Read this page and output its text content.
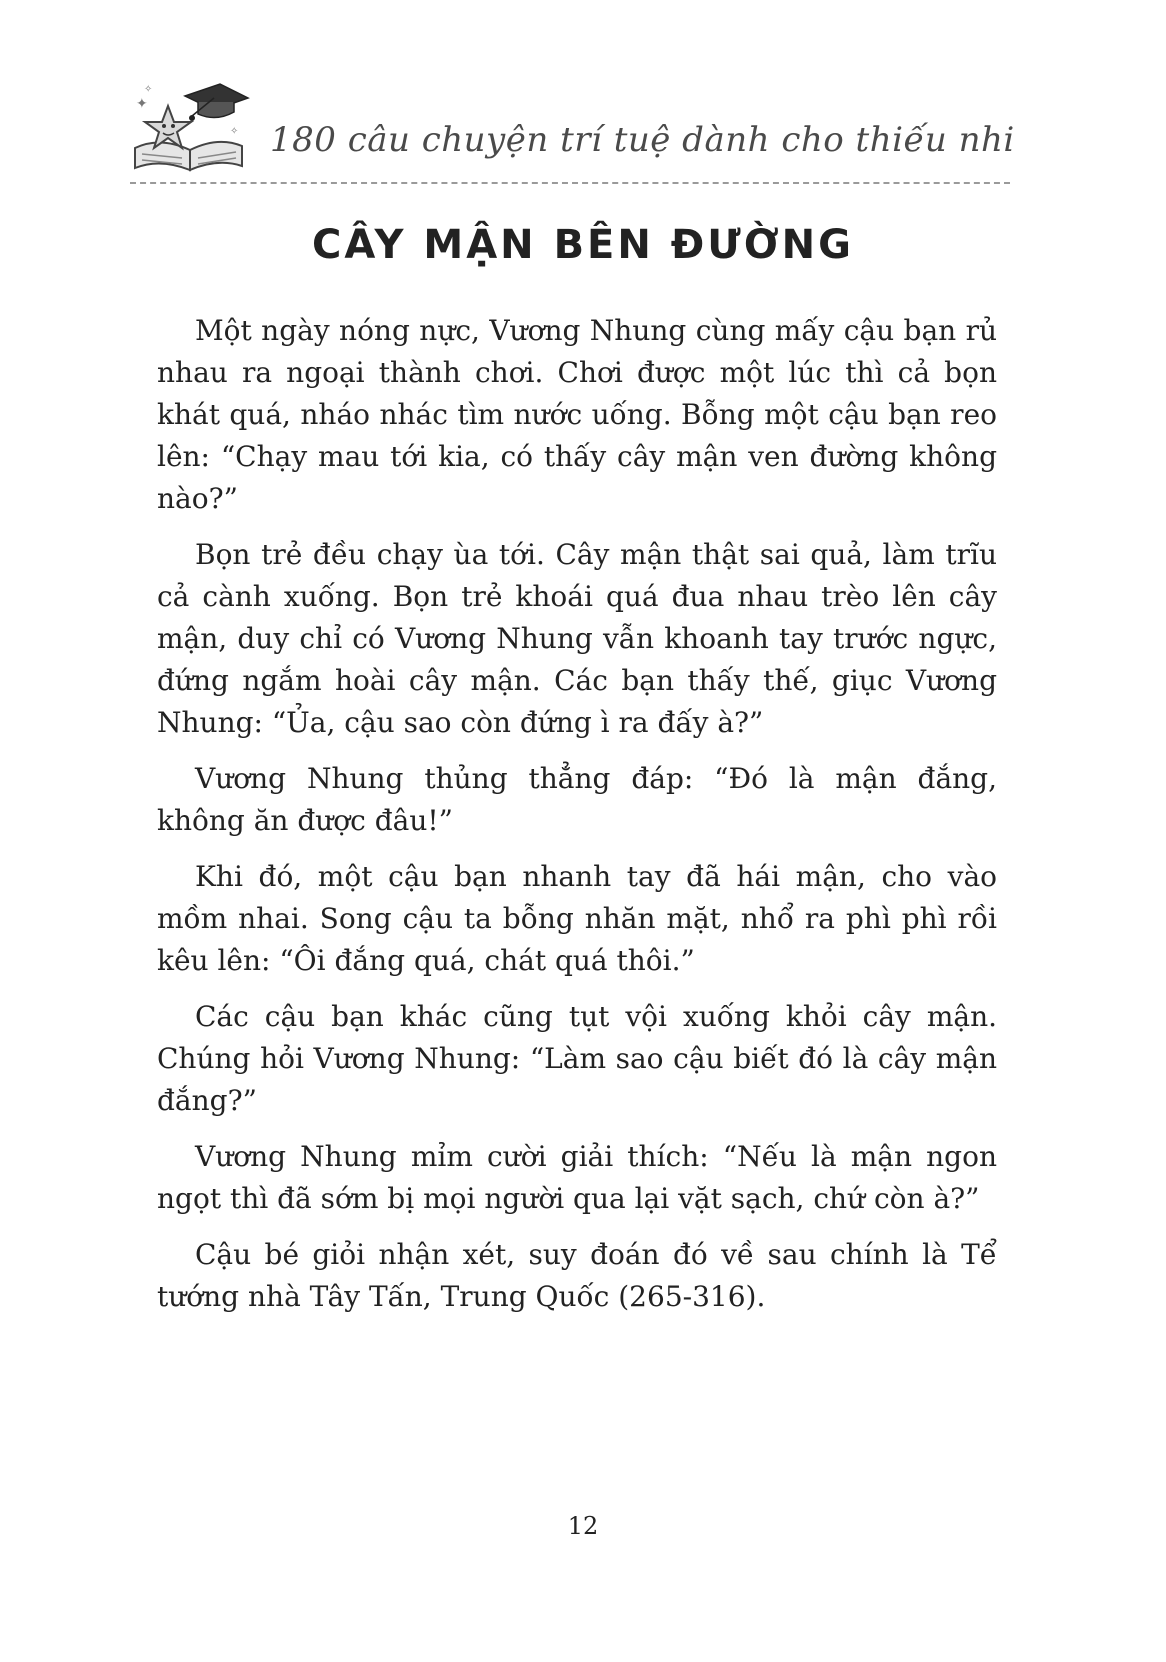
✦
✧
✧ 180 câu chuyện trí tuệ dành cho thiếu nhi
CÂY MẬN BÊN ĐƯỜNG

Một ngày nóng nực, Vương Nhung cùng mấy cậu bạn rủ nhau ra ngoại thành chơi. Chơi được một lúc thì cả bọn khát quá, nháo nhác tìm nước uống. Bỗng một cậu bạn reo lên: “Chạy mau tới kia, có thấy cây mận ven đường không nào?”

Bọn trẻ đều chạy ùa tới. Cây mận thật sai quả, làm trĩu cả cành xuống. Bọn trẻ khoái quá đua nhau trèo lên cây mận, duy chỉ có Vương Nhung vẫn khoanh tay trước ngực, đứng ngắm hoài cây mận. Các bạn thấy thế, giục Vương Nhung: “Ủa, cậu sao còn đứng ì ra đấy à?”

Vương Nhung thủng thẳng đáp: “Đó là mận đắng, không ăn được đâu!”

Khi đó, một cậu bạn nhanh tay đã hái mận, cho vào mồm nhai. Song cậu ta bỗng nhăn mặt, nhổ ra phì phì rồi kêu lên: “Ôi đắng quá, chát quá thôi.”

Các cậu bạn khác cũng tụt vội xuống khỏi cây mận. Chúng hỏi Vương Nhung: “Làm sao cậu biết đó là cây mận đắng?”

Vương Nhung mỉm cười giải thích: “Nếu là mận ngon ngọt thì đã sớm bị mọi người qua lại vặt sạch, chứ còn à?”

Cậu bé giỏi nhận xét, suy đoán đó về sau chính là Tể tướng nhà Tây Tấn, Trung Quốc (265-316).

12
